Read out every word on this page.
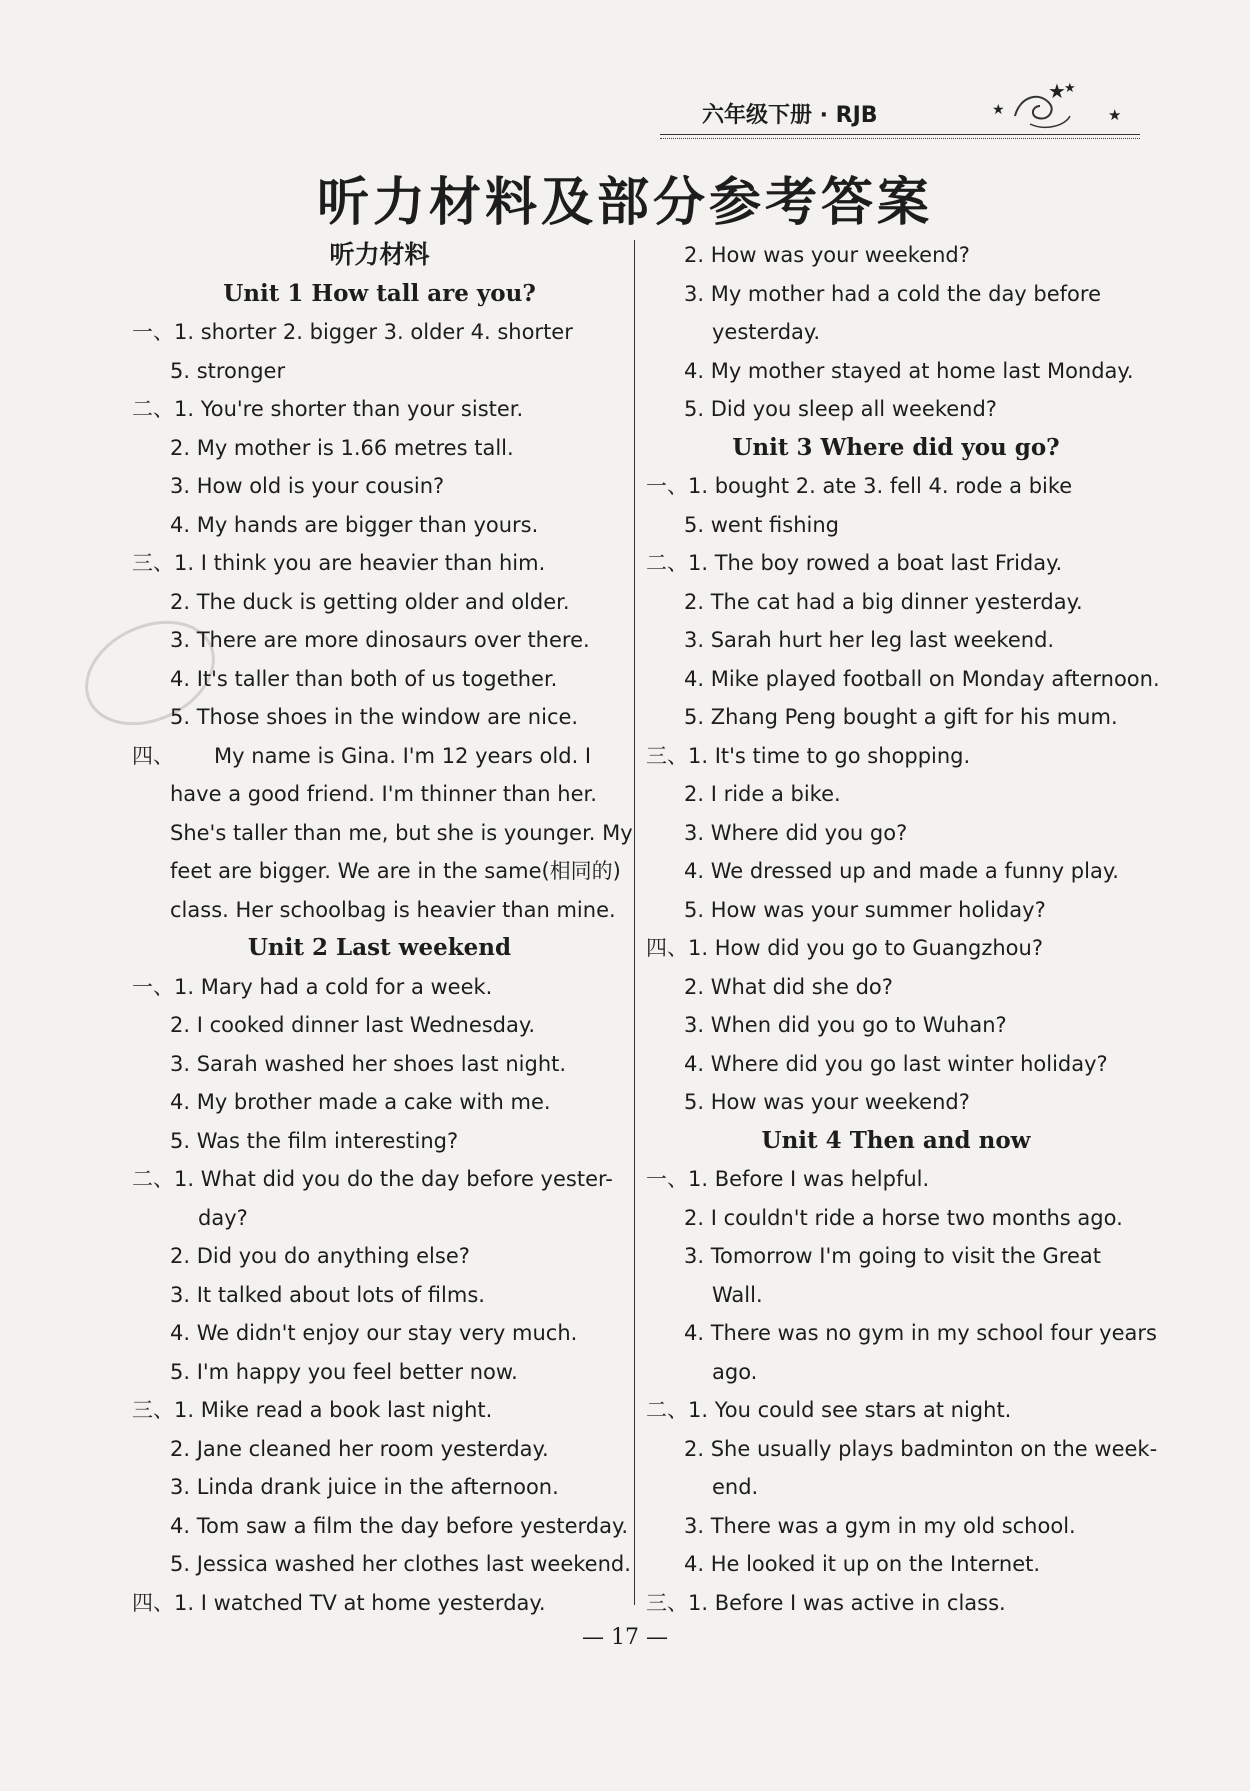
六年级下册 · RJB	★
★
★
★
听力材料及部分参考答案
听力材料
Unit 1 How tall are you?
一、1. shorter 2. bigger 3. older 4. shorter
5. stronger
二、1. You're shorter than your sister.
2. My mother is 1.66 metres tall.
3. How old is your cousin?
4. My hands are bigger than yours.
三、1. I think you are heavier than him.
2. The duck is getting older and older.
3. There are more dinosaurs over there.
4. It's taller than both of us together.
5. Those shoes in the window are nice.
四、      My name is Gina. I'm 12 years old. I
have a good friend. I'm thinner than her.
She's taller than me, but she is younger. My
feet are bigger. We are in the same(相同的)
class. Her schoolbag is heavier than mine.
Unit 2 Last weekend
一、1. Mary had a cold for a week.
2. I cooked dinner last Wednesday.
3. Sarah washed her shoes last night.
4. My brother made a cake with me.
5. Was the film interesting?
二、1. What did you do the day before yester-
day?
2. Did you do anything else?
3. It talked about lots of films.
4. We didn't enjoy our stay very much.
5. I'm happy you feel better now.
三、1. Mike read a book last night.
2. Jane cleaned her room yesterday.
3. Linda drank juice in the afternoon.
4. Tom saw a film the day before yesterday.
5. Jessica washed her clothes last weekend.
四、1. I watched TV at home yesterday.
2. How was your weekend?
3. My mother had a cold the day before
yesterday.
4. My mother stayed at home last Monday.
5. Did you sleep all weekend?
Unit 3 Where did you go?
一、1. bought 2. ate 3. fell 4. rode a bike
5. went fishing
二、1. The boy rowed a boat last Friday.
2. The cat had a big dinner yesterday.
3. Sarah hurt her leg last weekend.
4. Mike played football on Monday afternoon.
5. Zhang Peng bought a gift for his mum.
三、1. It's time to go shopping.
2. I ride a bike.
3. Where did you go?
4. We dressed up and made a funny play.
5. How was your summer holiday?
四、1. How did you go to Guangzhou?
2. What did she do?
3. When did you go to Wuhan?
4. Where did you go last winter holiday?
5. How was your weekend?
Unit 4 Then and now
一、1. Before I was helpful.
2. I couldn't ride a horse two months ago.
3. Tomorrow I'm going to visit the Great
Wall.
4. There was no gym in my school four years
ago.
二、1. You could see stars at night.
2. She usually plays badminton on the week-
end.
3. There was a gym in my old school.
4. He looked it up on the Internet.
三、1. Before I was active in class.
— 17 —
